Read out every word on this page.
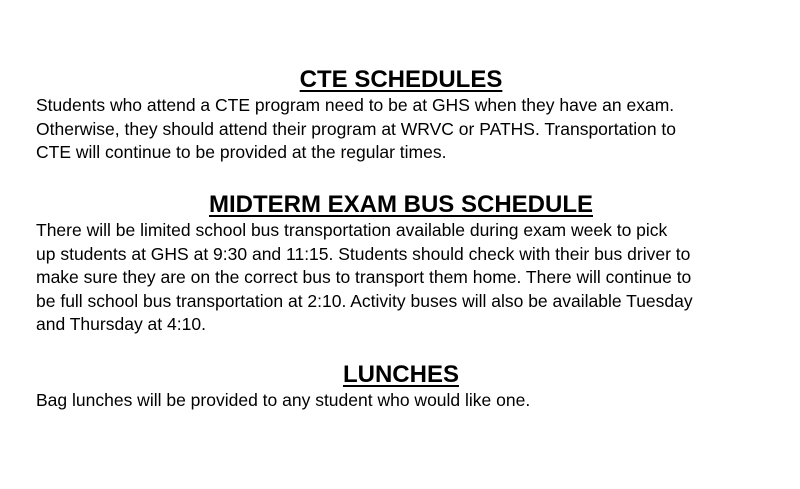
CTE SCHEDULES

Students who attend a CTE program need to be at GHS when they have an exam.
Otherwise, they should attend their program at WRVC or PATHS. Transportation to
CTE will continue to be provided at the regular times.

MIDTERM EXAM BUS SCHEDULE

There will be limited school bus transportation available during exam week to pick
up students at GHS at 9:30 and 11:15. Students should check with their bus driver to
make sure they are on the correct bus to transport them home. There will continue to
be full school bus transportation at 2:10. Activity buses will also be available Tuesday
and Thursday at 4:10.

LUNCHES

Bag lunches will be provided to any student who would like one.
